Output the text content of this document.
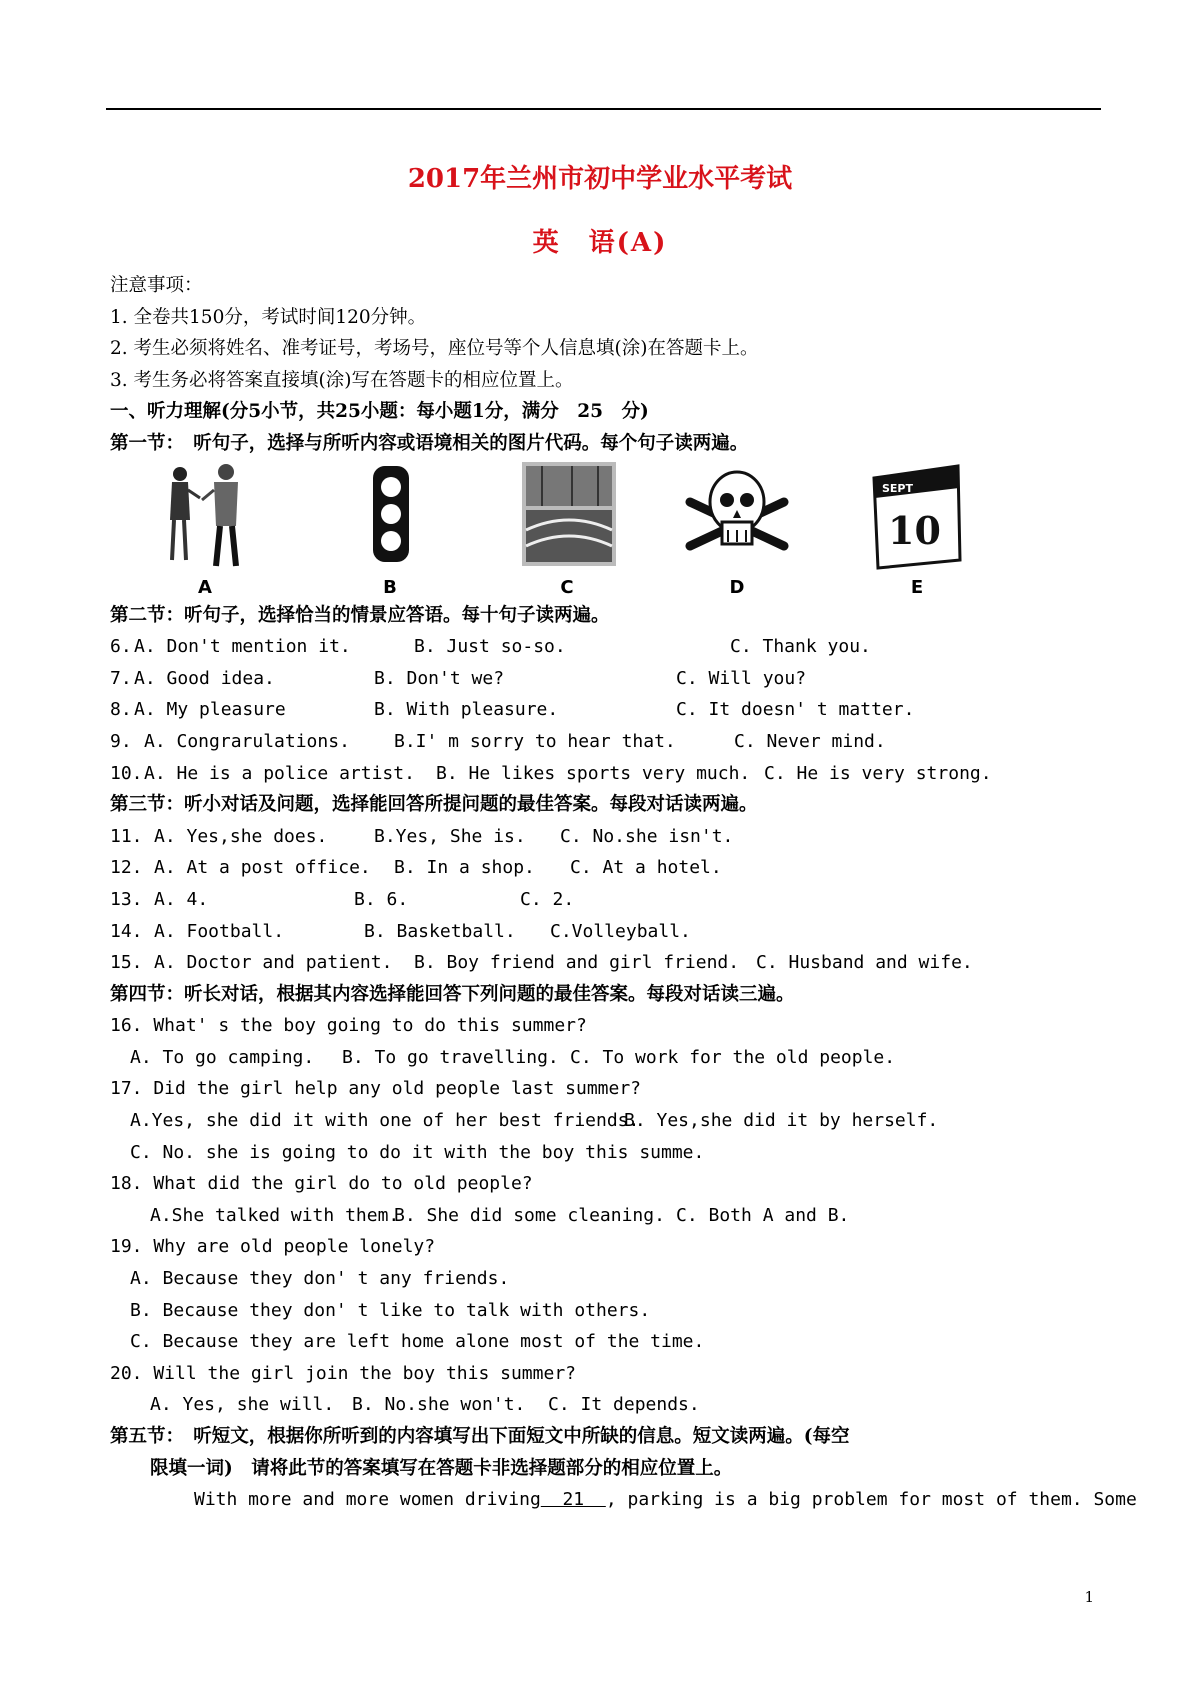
2017年兰州市初中学业水平考试
英　语(A)
注意事项：
1. 全卷共150分，考试时间120分钟。
2. 考生必须将姓名、准考证号，考场号，座位号等个人信息填(涂)在答题卡上。
3. 考生务必将答案直接填(涂)写在答题卡的相应位置上。
一、听力理解(分5小节，共25小题：每小题1分，满分　25　分)
第一节：　听句子，选择与所听内容或语境相关的图片代码。每个句子读两遍。
A	B	C	D
SEPT
10
E
第二节：听句子，选择恰当的情景应答语。每十句子读两遍。
6. A. Don't mention it.	B. Just so-so.	C. Thank you.
7. A. Good idea.	B. Don't we?	C. Will you?
8. A. My pleasure	B. With pleasure.	C. It doesn' t matter.
9. A. Congrarulations. B.I' m sorry to hear that.	C. Never mind.
10. A. He is a police artist. B. He likes sports very much. C. He is very strong.
第三节：听小对话及问题，选择能回答所提问题的最佳答案。每段对话读两遍。
11. A. Yes,she does.	B.Yes, She is. C. No.she isn't.
12. A. At a post office. B. In a shop. C. At a hotel.
13. A. 4.	B. 6.	C. 2.
14. A. Football.	B. Basketball. C.Volleyball.
15. A. Doctor and patient. B. Boy friend and girl friend. C. Husband and wife.
第四节：听长对话，根据其内容选择能回答下列问题的最佳答案。每段对话读三遍。
16. What' s the boy going to do this summer?
A. To go camping. B. To go travelling. C. To work for the old people.
17. Did the girl help any old people last summer?
A.Yes, she did it with one of her best friends.
B. Yes,she did it by herself.
C. No. she is going to do it with the boy this summe.
18. What did the girl do to old people?
A.She talked with them.
B. She did some cleaning. C. Both A and B.
19. Why are old people lonely?
A. Because they don' t any friends.
B. Because they don' t like to talk with others.
C. Because they are left home alone most of the time.
20. Will the girl join the boy this summer?
A. Yes, she will. B. No.she won't. C. It depends.
第五节：　听短文，根据你所听到的内容填写出下面短文中所缺的信息。短文读两遍。(每空
限填一词)　请将此节的答案填写在答题卡非选择题部分的相应位置上。
With more and more women driving  21  , parking is a big problem for most of them. Some
1
